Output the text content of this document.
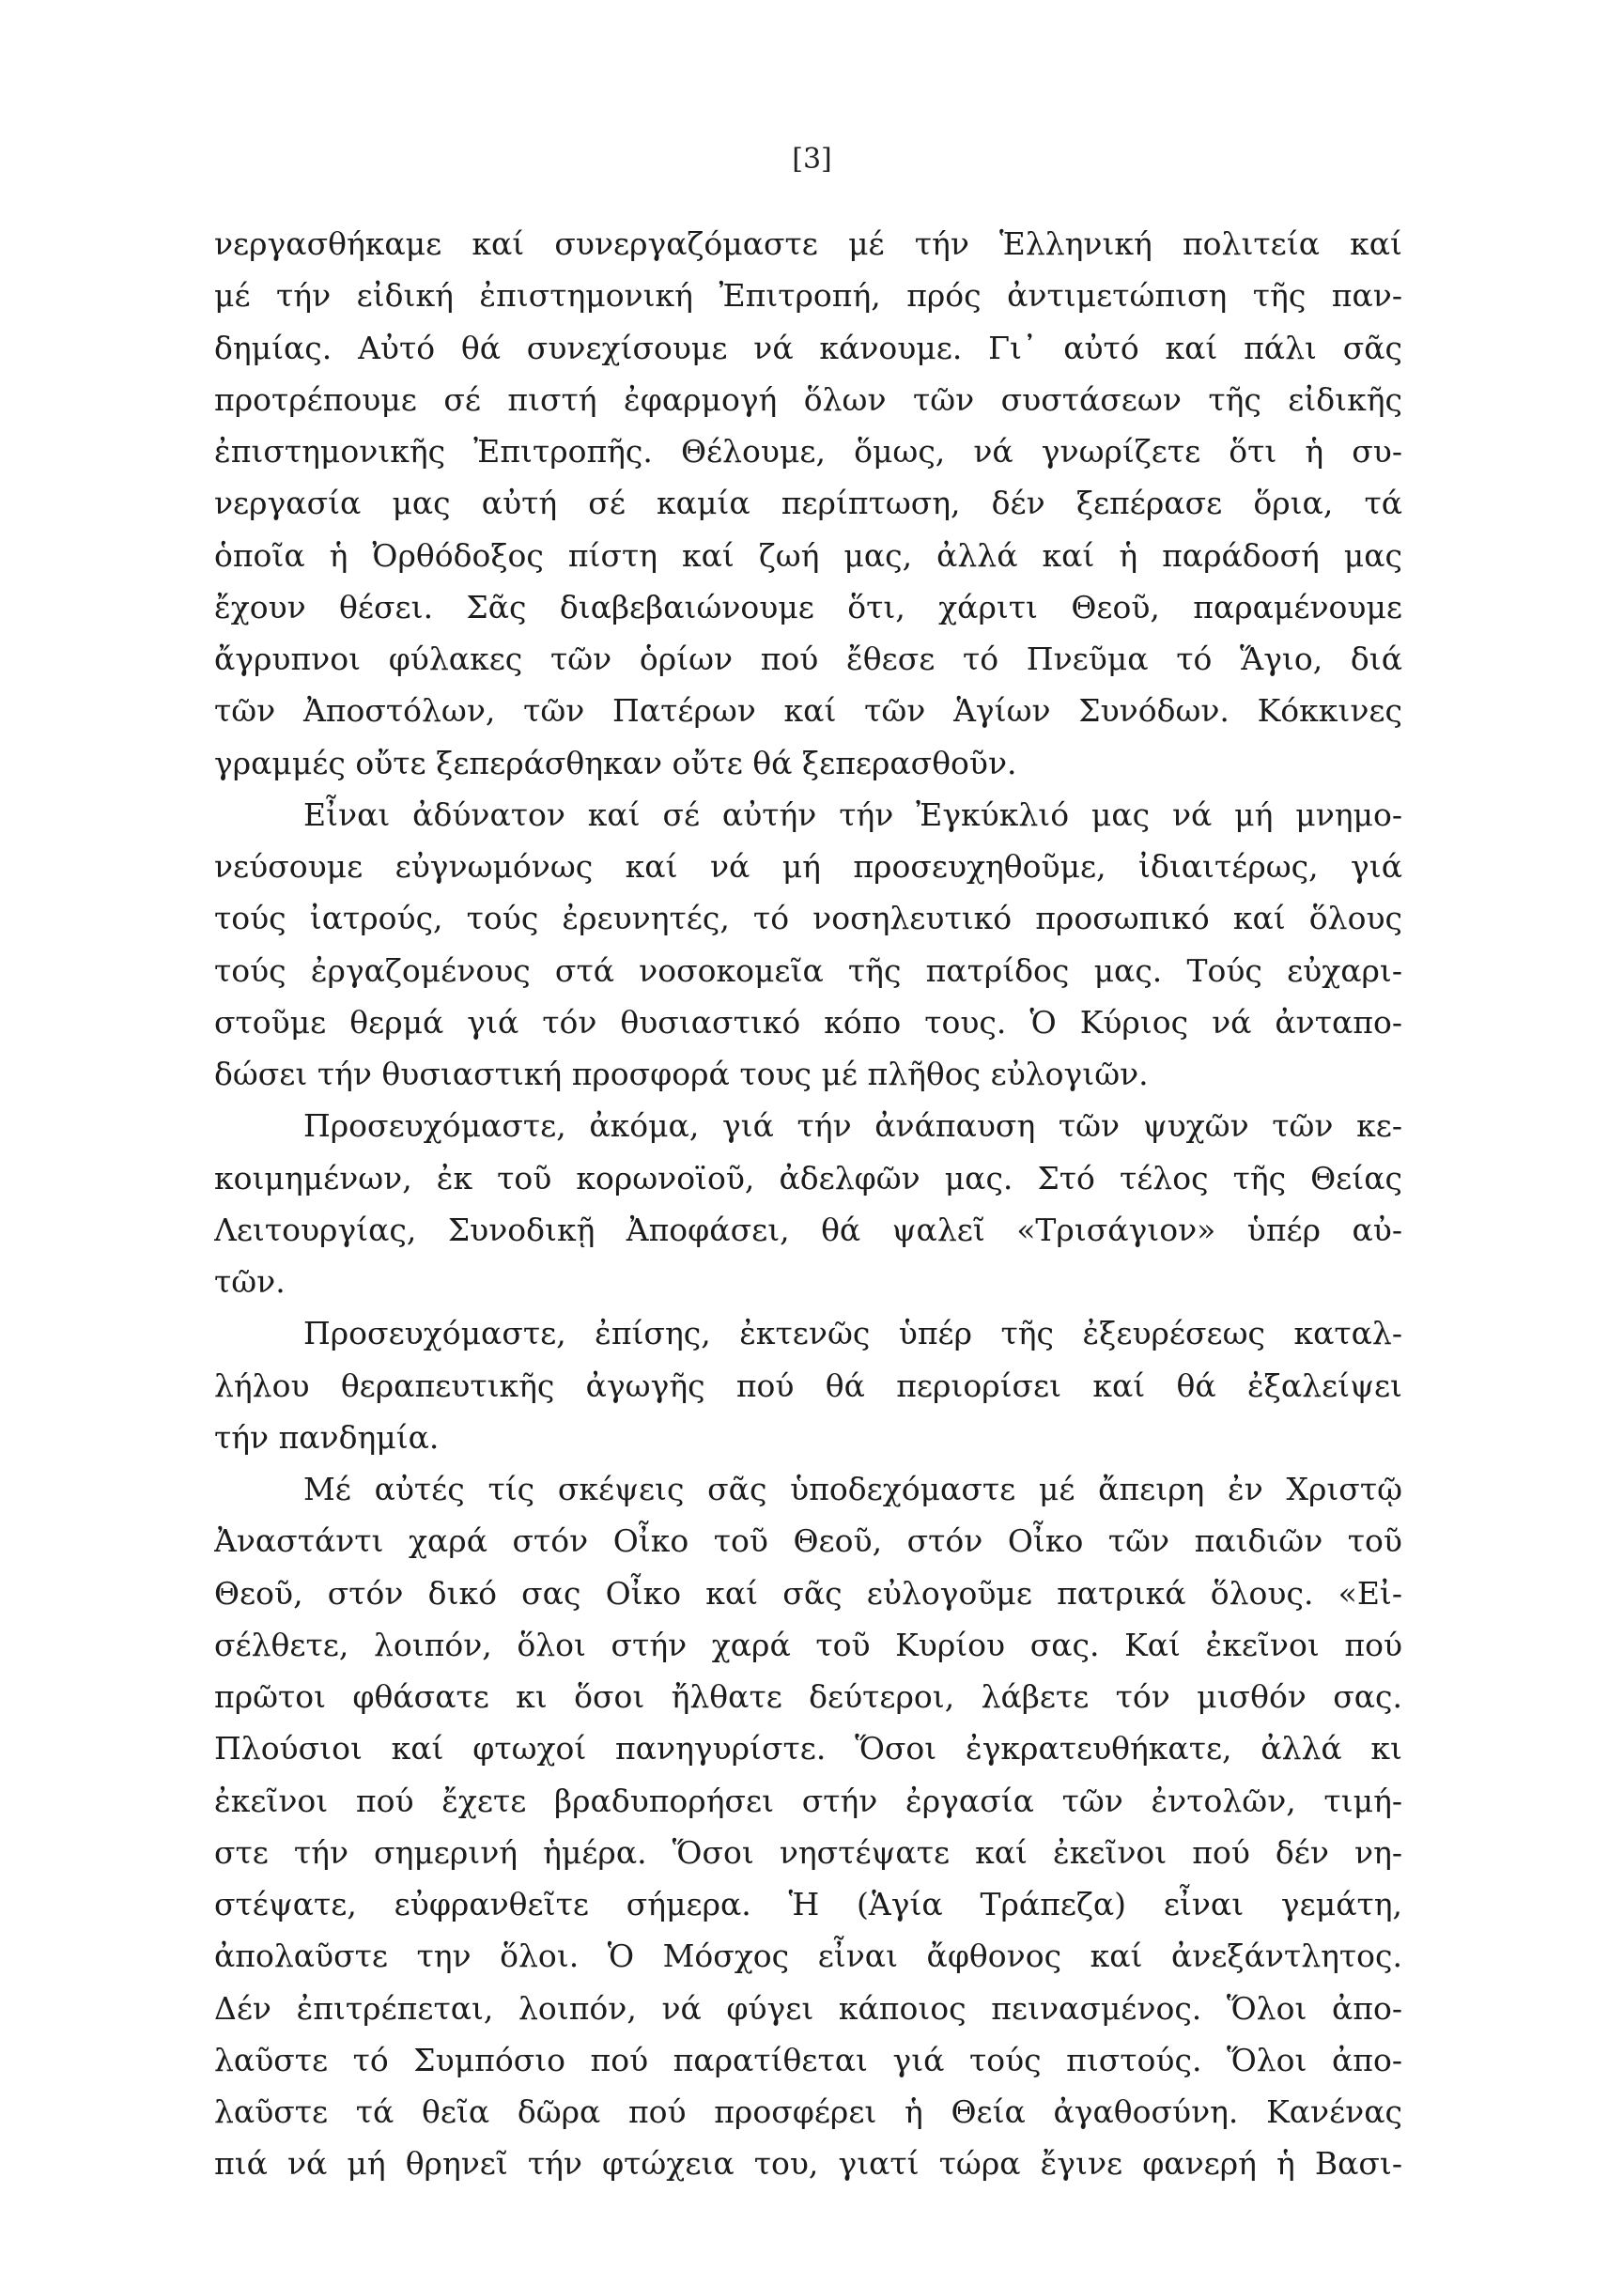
[3]
νεργασθήκαμε καί συνεργαζόμαστε μέ τήν Ἑλληνική πολιτεία καί
μέ τήν εἰδική ἐπιστημονική Ἐπιτροπή, πρός ἀντιμετώπιση τῆς παν-
δημίας. Αὐτό θά συνεχίσουμε νά κάνουμε. Γι᾽ αὐτό καί πάλι σᾶς
προτρέπουμε σέ πιστή ἐφαρμογή ὅλων τῶν συστάσεων τῆς εἰδικῆς
ἐπιστημονικῆς Ἐπιτροπῆς. Θέλουμε, ὅμως, νά γνωρίζετε ὅτι ἡ συ-
νεργασία μας αὐτή σέ καμία περίπτωση, δέν ξεπέρασε ὅρια, τά
ὁποῖα ἡ Ὀρθόδοξος πίστη καί ζωή μας, ἀλλά καί ἡ παράδοσή μας
ἔχουν θέσει. Σᾶς διαβεβαιώνουμε ὅτι, χάριτι Θεοῦ, παραμένουμε
ἄγρυπνοι φύλακες τῶν ὁρίων πού ἔθεσε τό Πνεῦμα τό Ἅγιο, διά
τῶν Ἀποστόλων, τῶν Πατέρων καί τῶν Ἁγίων Συνόδων. Κόκκινες
γραμμές οὔτε ξεπεράσθηκαν οὔτε θά ξεπερασθοῦν.
Εἶναι ἀδύνατον καί σέ αὐτήν τήν Ἐγκύκλιό μας νά μή μνημο-
νεύσουμε εὐγνωμόνως καί νά μή προσευχηθοῦμε, ἰδιαιτέρως, γιά
τούς ἰατρούς, τούς ἐρευνητές, τό νοσηλευτικό προσωπικό καί ὅλους
τούς ἐργαζομένους στά νοσοκομεῖα τῆς πατρίδος μας. Τούς εὐχαρι-
στοῦμε θερμά γιά τόν θυσιαστικό κόπο τους. Ὁ Κύριος νά ἀνταπο-
δώσει τήν θυσιαστική προσφορά τους μέ πλῆθος εὐλογιῶν.
Προσευχόμαστε, ἀκόμα, γιά τήν ἀνάπαυση τῶν ψυχῶν τῶν κε-
κοιμημένων, ἐκ τοῦ κορωνοϊοῦ, ἀδελφῶν μας. Στό τέλος τῆς Θείας
Λειτουργίας, Συνοδικῇ Ἀποφάσει, θά ψαλεῖ «Τρισάγιον» ὑπέρ αὐ-
τῶν.
Προσευχόμαστε, ἐπίσης, ἐκτενῶς ὑπέρ τῆς ἐξευρέσεως καταλ-
λήλου θεραπευτικῆς ἀγωγῆς πού θά περιορίσει καί θά ἐξαλείψει
τήν πανδημία.
Μέ αὐτές τίς σκέψεις σᾶς ὑποδεχόμαστε μέ ἄπειρη ἐν Χριστῷ
Ἀναστάντι χαρά στόν Οἶκο τοῦ Θεοῦ, στόν Οἶκο τῶν παιδιῶν τοῦ
Θεοῦ, στόν δικό σας Οἶκο καί σᾶς εὐλογοῦμε πατρικά ὅλους. «Εἰ-
σέλθετε, λοιπόν, ὅλοι στήν χαρά τοῦ Κυρίου σας. Καί ἐκεῖνοι πού
πρῶτοι φθάσατε κι ὅσοι ἤλθατε δεύτεροι, λάβετε τόν μισθόν σας.
Πλούσιοι καί φτωχοί πανηγυρίστε. Ὅσοι ἐγκρατευθήκατε, ἀλλά κι
ἐκεῖνοι πού ἔχετε βραδυπορήσει στήν ἐργασία τῶν ἐντολῶν, τιμή-
στε τήν σημερινή ἡμέρα. Ὅσοι νηστέψατε καί ἐκεῖνοι πού δέν νη-
στέψατε, εὐφρανθεῖτε σήμερα. Ἡ (Ἁγία Τράπεζα) εἶναι γεμάτη,
ἀπολαῦστε την ὅλοι. Ὁ Μόσχος εἶναι ἄφθονος καί ἀνεξάντλητος.
Δέν ἐπιτρέπεται, λοιπόν, νά φύγει κάποιος πεινασμένος. Ὅλοι ἀπο-
λαῦστε τό Συμπόσιο πού παρατίθεται γιά τούς πιστούς. Ὅλοι ἀπο-
λαῦστε τά θεῖα δῶρα πού προσφέρει ἡ Θεία ἀγαθοσύνη. Κανένας
πιά νά μή θρηνεῖ τήν φτώχεια του, γιατί τώρα ἔγινε φανερή ἡ Βασι-
